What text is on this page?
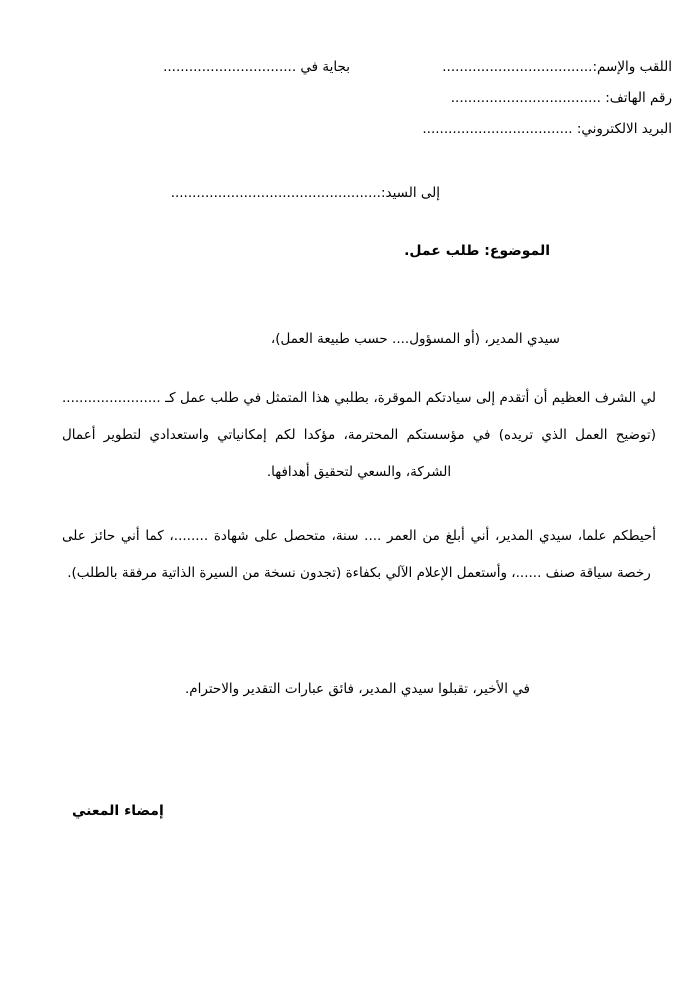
اللقب والإسم:...................................
رقم الهاتف: ...................................
البريد الالكتروني: ...................................
بجاية في ...............................
إلى السيد:.................................................
الموضوع: طلب عمل.
سيدي المدير، (أو المسؤول.... حسب طبيعة العمل)،
لي الشرف العظيم أن أتقدم إلى سيادتكم الموقرة، بطلبي هذا المتمثل في طلب عمل كـ ....................... (توضيح العمل الذي تريده) في مؤسستكم المحترمة، مؤكدا لكم إمكانياتي واستعدادي لتطوير أعمال الشركة، والسعي لتحقيق أهدافها.
أحيطكم علما، سيدي المدير، أني أبلغ من العمر .... سنة، متحصل على شهادة ........، كما أني حائز على رخصة سياقة صنف ......، وأستعمل الإعلام الآلي بكفاءة (تجدون نسخة من السيرة الذاتية مرفقة بالطلب).
في الأخير، تقبلوا سيدي المدير، فائق عبارات التقدير والاحترام.
إمضاء المعني
